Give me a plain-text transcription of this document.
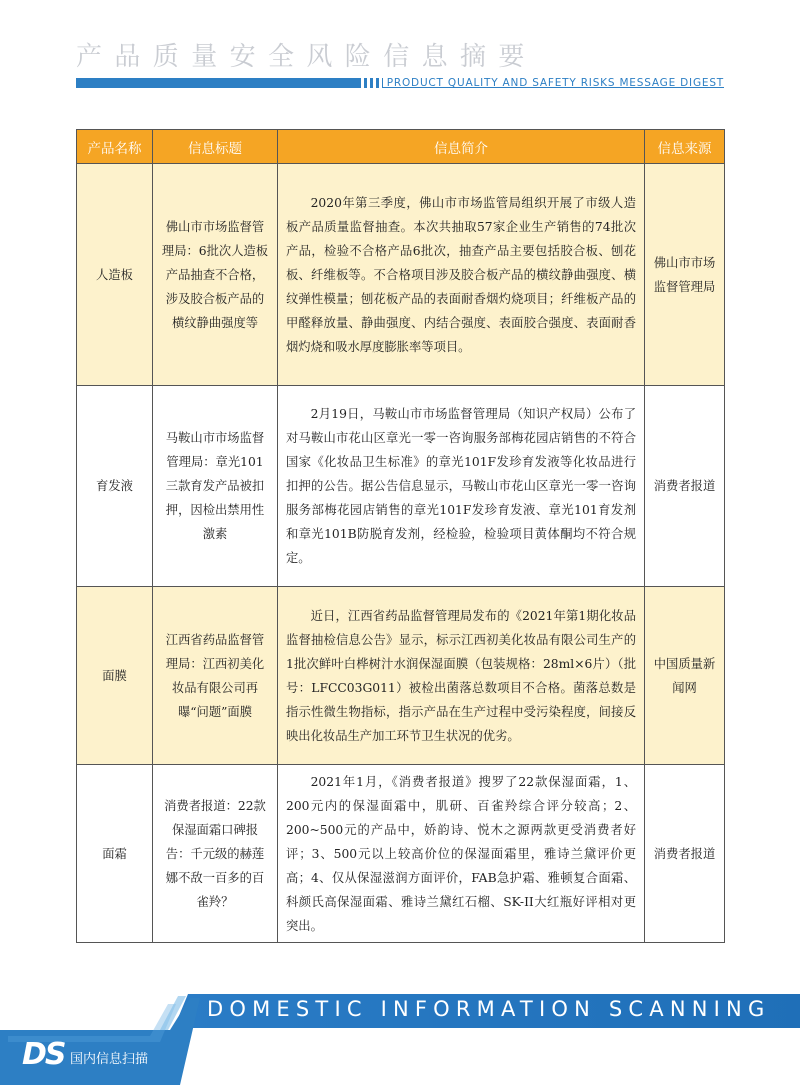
产品质量安全风险信息摘要
PRODUCT QUALITY AND SAFETY RISKS MESSAGE DIGEST
产品名称	信息标题	信息简介	信息来源
人造板	佛山市市场监督管理局：6批次人造板产品抽查不合格，涉及胶合板产品的横纹静曲强度等	2020年第三季度，佛山市市场监管局组织开展了市级人造板产品质量监督抽查。本次共抽取57家企业生产销售的74批次产品，检验不合格产品6批次，抽查产品主要包括胶合板、刨花板、纤维板等。不合格项目涉及胶合板产品的横纹静曲强度、横纹弹性模量；刨花板产品的表面耐香烟灼烧项目；纤维板产品的甲醛释放量、静曲强度、内结合强度、表面胶合强度、表面耐香烟灼烧和吸水厚度膨胀率等项目。	佛山市市场监督管理局
育发液	马鞍山市市场监督管理局：章光101三款育发产品被扣押，因检出禁用性激素	2月19日，马鞍山市市场监督管理局（知识产权局）公布了对马鞍山市花山区章光一零一咨询服务部梅花园店销售的不符合国家《化妆品卫生标准》的章光101F发珍育发液等化妆品进行扣押的公告。据公告信息显示，马鞍山市花山区章光一零一咨询服务部梅花园店销售的章光101F发珍育发液、章光101育发剂和章光101B防脱育发剂，经检验，检验项目黄体酮均不符合规定。	消费者报道
面膜	江西省药品监督管理局：江西初美化妆品有限公司再曝“问题”面膜	近日，江西省药品监督管理局发布的《2021年第1期化妆品监督抽检信息公告》显示，标示江西初美化妆品有限公司生产的1批次鲜叶白桦树汁水润保湿面膜（包装规格：28ml×6片）（批号：LFCC03G011）被检出菌落总数项目不合格。菌落总数是指示性微生物指标，指示产品在生产过程中受污染程度，间接反映出化妆品生产加工环节卫生状况的优劣。	中国质量新闻网
面霜	消费者报道：22款保湿面霜口碑报告：千元级的赫莲娜不敌一百多的百雀羚？	2021年1月，《消费者报道》搜罗了22款保湿面霜，1、200元内的保湿面霜中，肌研、百雀羚综合评分较高；2、200~500元的产品中，娇韵诗、悦木之源两款更受消费者好评；3、500元以上较高价位的保湿面霜里，雅诗兰黛评价更高；4、仅从保湿滋润方面评价，FAB急护霜、雅顿复合面霜、科颜氏高保湿面霜、雅诗兰黛红石榴、SK-II大红瓶好评相对更突出。	消费者报道
DOMESTIC INFORMATION SCANNING
DS 国内信息扫描
